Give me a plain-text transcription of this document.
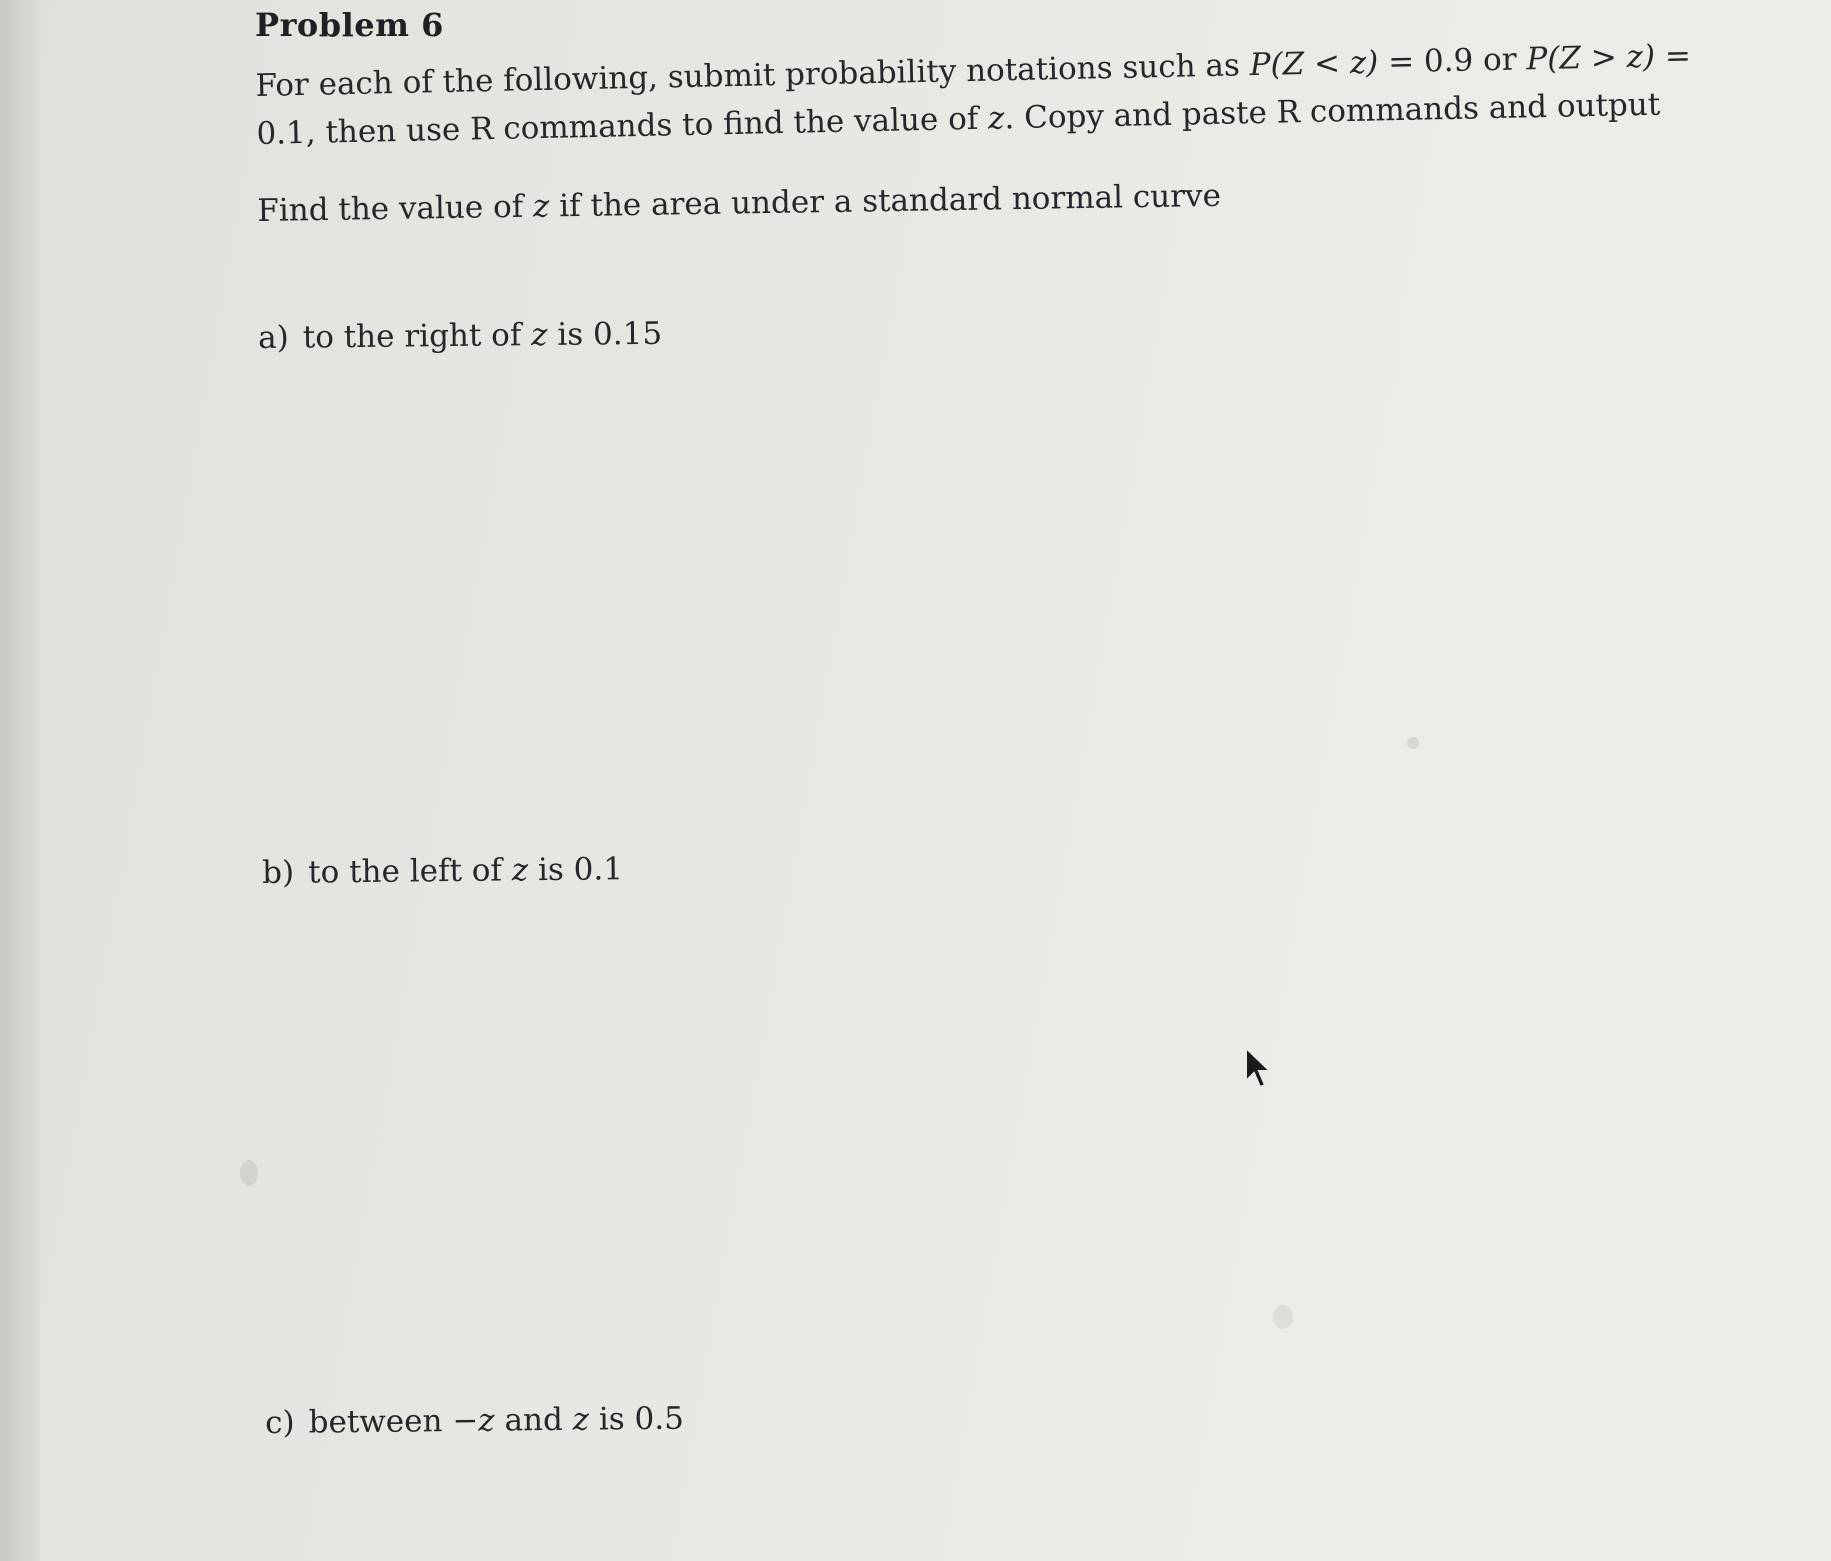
Problem 6
For each of the following, submit probability notations such as P(Z < z) = 0.9 or P(Z > z) =
0.1, then use R commands to find the value of z. Copy and paste R commands and output
Find the value of z if the area under a standard normal curve
a) to the right of z is 0.15
b) to the left of z is 0.1
c) between −z and z is 0.5
